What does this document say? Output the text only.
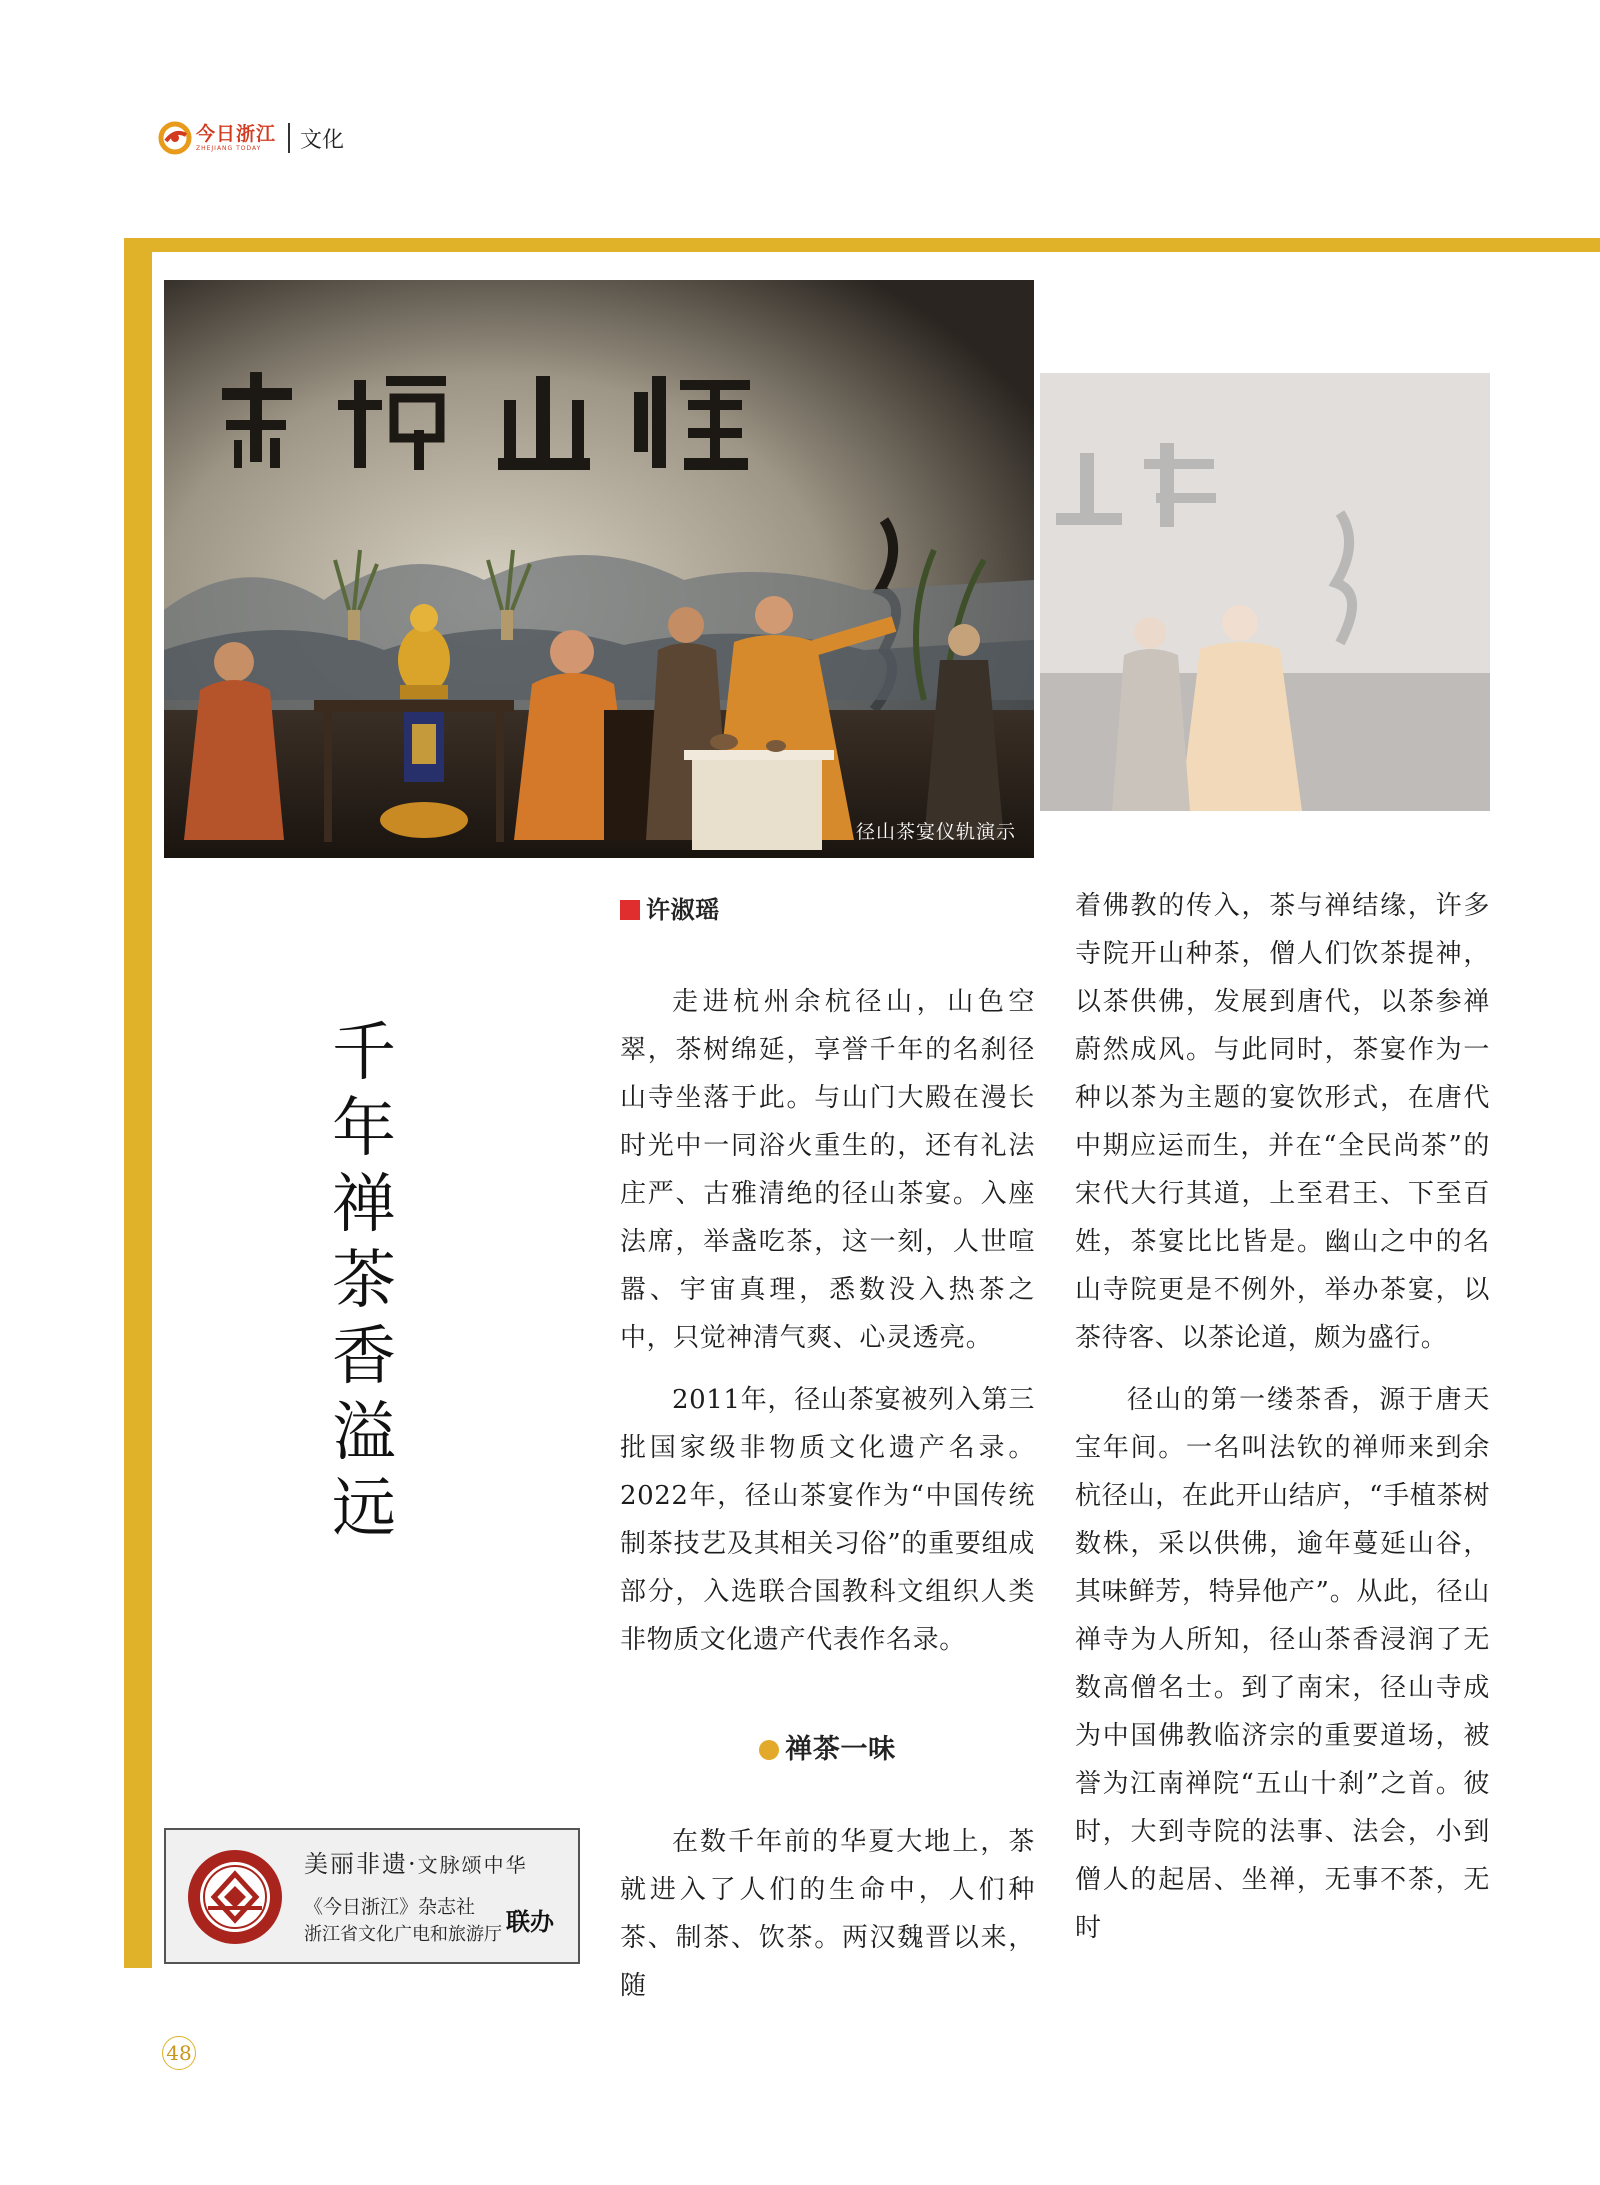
今日浙江
ZHEJIANG TODAY	文化
径山茶宴仪轨演示
千
年
禅
茶
香
溢
远
许淑瑶

走进杭州余杭径山，山色空翠，茶树绵延，享誉千年的名刹径山寺坐落于此。与山门大殿在漫长时光中一同浴火重生的，还有礼法庄严、古雅清绝的径山茶宴。入座法席，举盏吃茶，这一刻，人世喧嚣、宇宙真理，悉数没入热茶之中，只觉神清气爽、心灵透亮。

2011年，径山茶宴被列入第三批国家级非物质文化遗产名录。2022年，径山茶宴作为“中国传统制茶技艺及其相关习俗”的重要组成部分，入选联合国教科文组织人类非物质文化遗产代表作名录。

禅茶一味

在数千年前的华夏大地上，茶就进入了人们的生命中，人们种茶、制茶、饮茶。两汉魏晋以来，随

着佛教的传入，茶与禅结缘，许多寺院开山种茶，僧人们饮茶提神，以茶供佛，发展到唐代，以茶参禅蔚然成风。与此同时，茶宴作为一种以茶为主题的宴饮形式，在唐代中期应运而生，并在“全民尚茶”的宋代大行其道，上至君王、下至百姓，茶宴比比皆是。幽山之中的名山寺院更是不例外，举办茶宴，以茶待客、以茶论道，颇为盛行。

径山的第一缕茶香，源于唐天宝年间。一名叫法钦的禅师来到余杭径山，在此开山结庐，“手植茶树数株，采以供佛，逾年蔓延山谷，其味鲜芳，特异他产”。从此，径山禅寺为人所知，径山茶香浸润了无数高僧名士。到了南宋，径山寺成为中国佛教临济宗的重要道场，被誉为江南禅院“五山十刹”之首。彼时，大到寺院的法事、法会，小到僧人的起居、坐禅，无事不茶，无时

美丽非遗·文脉颂中华
《今日浙江》杂志社
浙江省文化广电和旅游厅 联办
48
